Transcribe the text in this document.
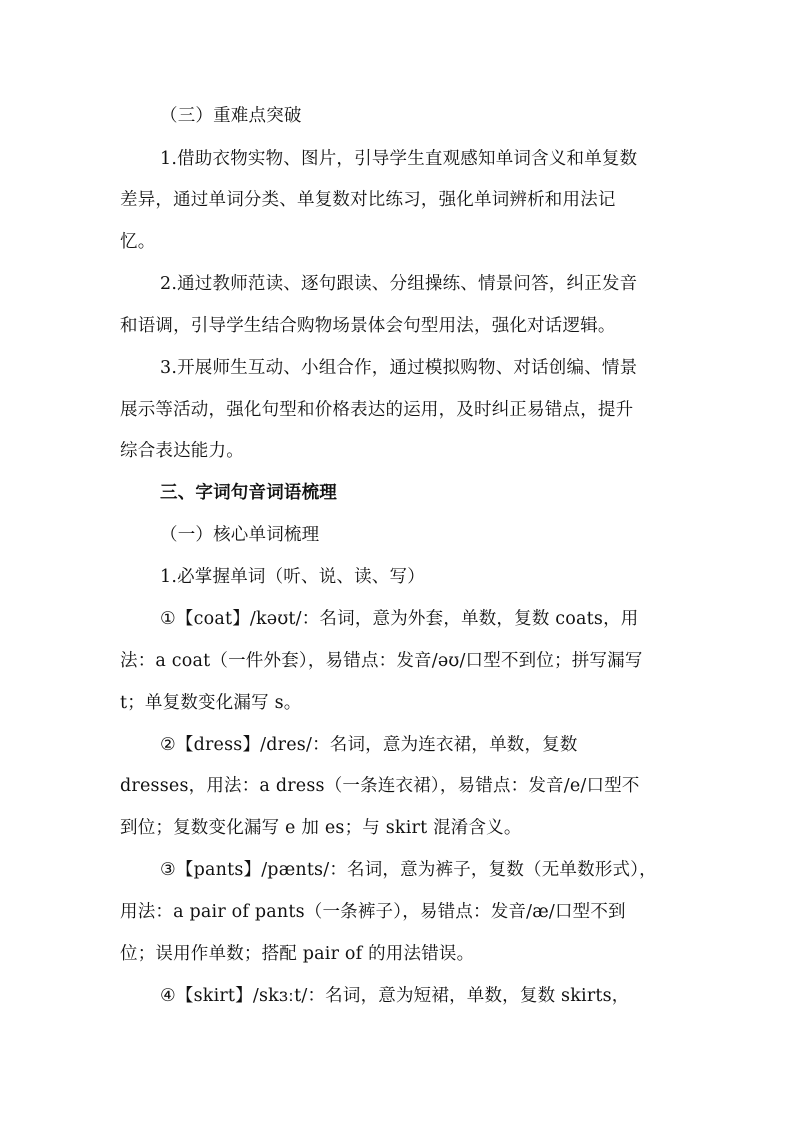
（三）重难点突破
1.借助衣物实物、图片，引导学生直观感知单词含义和单复数
差异，通过单词分类、单复数对比练习，强化单词辨析和用法记
忆。
2.通过教师范读、逐句跟读、分组操练、情景问答，纠正发音
和语调，引导学生结合购物场景体会句型用法，强化对话逻辑。
3.开展师生互动、小组合作，通过模拟购物、对话创编、情景
展示等活动，强化句型和价格表达的运用，及时纠正易错点，提升
综合表达能力。
三、字词句音词语梳理
（一）核心单词梳理
1.必掌握单词（听、说、读、写）
①【coat】/kəʊt/：名词，意为外套，单数，复数 coats，用
法：a coat（一件外套），易错点：发音/əʊ/口型不到位；拼写漏写
t；单复数变化漏写 s。
②【dress】/dres/：名词，意为连衣裙，单数，复数
dresses，用法：a dress（一条连衣裙），易错点：发音/e/口型不
到位；复数变化漏写 e 加 es；与 skirt 混淆含义。
③【pants】/pænts/：名词，意为裤子，复数（无单数形式），
用法：a pair of pants（一条裤子），易错点：发音/æ/口型不到
位；误用作单数；搭配 pair of 的用法错误。
④【skirt】/skɜːt/：名词，意为短裙，单数，复数 skirts，
